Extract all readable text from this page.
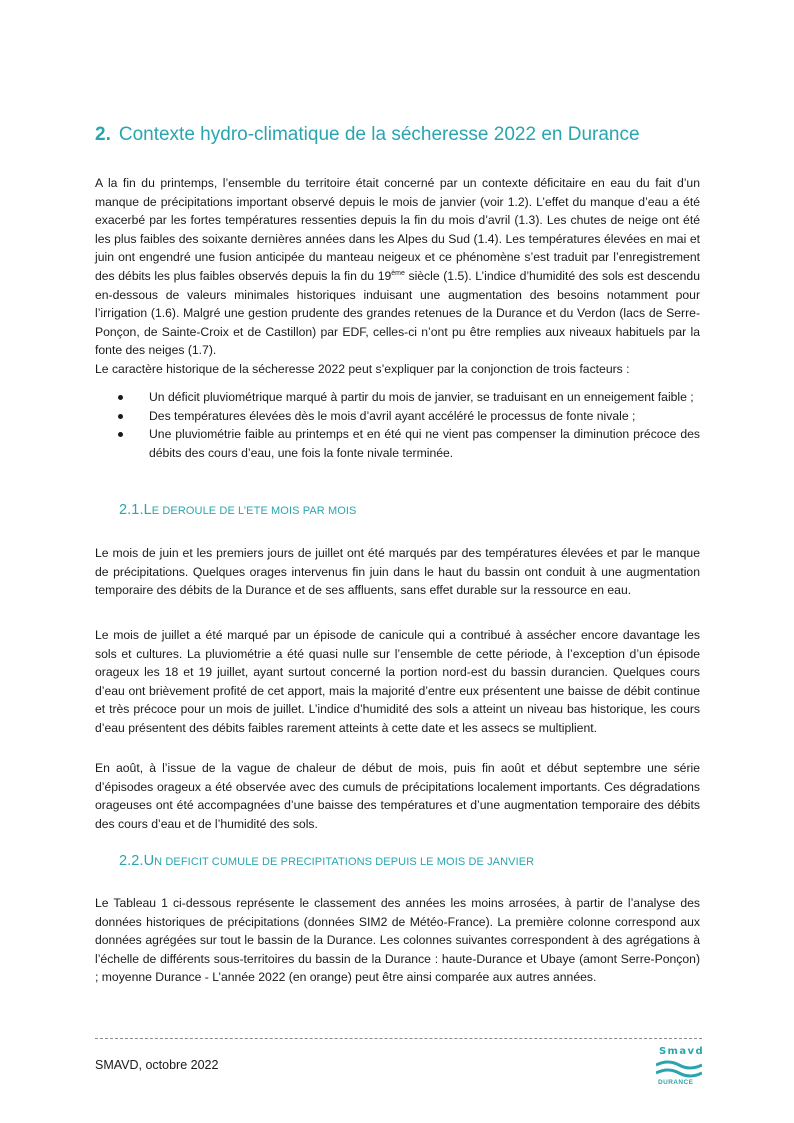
2. Contexte hydro-climatique de la sécheresse 2022 en Durance

A la fin du printemps, l’ensemble du territoire était concerné par un contexte déficitaire en eau du fait d’un manque de précipitations important observé depuis le mois de janvier (voir 1.2). L’effet du manque d’eau a été exacerbé par les fortes températures ressenties depuis la fin du mois d’avril (1.3). Les chutes de neige ont été les plus faibles des soixante dernières années dans les Alpes du Sud (1.4). Les températures élevées en mai et juin ont engendré une fusion anticipée du manteau neigeux et ce phénomène s’est traduit par l’enregistrement des débits les plus faibles observés depuis la fin du 19ème siècle (1.5). L’indice d’humidité des sols est descendu en-dessous de valeurs minimales historiques induisant une augmentation des besoins notamment pour l’irrigation (1.6). Malgré une gestion prudente des grandes retenues de la Durance et du Verdon (lacs de Serre-Ponçon, de Sainte-Croix et de Castillon) par EDF, celles-ci n’ont pu être remplies aux niveaux habituels par la fonte des neiges (1.7).

Le caractère historique de la sécheresse 2022 peut s’expliquer par la conjonction de trois facteurs :

Un déficit pluviométrique marqué à partir du mois de janvier, se traduisant en un enneigement faible ;
Des températures élevées dès le mois d’avril ayant accéléré le processus de fonte nivale ;
Une pluviométrie faible au printemps et en été qui ne vient pas compenser la diminution précoce des débits des cours d’eau, une fois la fonte nivale terminée.
2.1.LE DEROULE DE L’ETE MOIS PAR MOIS

Le mois de juin et les premiers jours de juillet ont été marqués par des températures élevées et par le manque de précipitations. Quelques orages intervenus fin juin dans le haut du bassin ont conduit à une augmentation temporaire des débits de la Durance et de ses affluents, sans effet durable sur la ressource en eau.

Le mois de juillet a été marqué par un épisode de canicule qui a contribué à assécher encore davantage les sols et cultures. La pluviométrie a été quasi nulle sur l’ensemble de cette période, à l’exception d’un épisode orageux les 18 et 19 juillet, ayant surtout concerné la portion nord-est du bassin durancien. Quelques cours d’eau ont brièvement profité de cet apport, mais la majorité d’entre eux présentent une baisse de débit continue et très précoce pour un mois de juillet. L’indice d’humidité des sols a atteint un niveau bas historique, les cours d’eau présentent des débits faibles rarement atteints à cette date et les assecs se multiplient.

En août, à l’issue de la vague de chaleur de début de mois, puis fin août et début septembre une série d’épisodes orageux a été observée avec des cumuls de précipitations localement importants. Ces dégradations orageuses ont été accompagnées d’une baisse des températures et d’une augmentation temporaire des débits des cours d’eau et de l’humidité des sols.

2.2.UN DEFICIT CUMULE DE PRECIPITATIONS DEPUIS LE MOIS DE JANVIER

Le Tableau 1 ci-dessous représente le classement des années les moins arrosées, à partir de l’analyse des données historiques de précipitations (données SIM2 de Météo-France). La première colonne correspond aux données agrégées sur tout le bassin de la Durance. Les colonnes suivantes correspondent à des agrégations à l’échelle de différents sous-territoires du bassin de la Durance : haute-Durance et Ubaye (amont Serre-Ponçon) ; moyenne Durance - L’année 2022 (en orange) peut être ainsi comparée aux autres années.

SMAVD, octobre 2022
Smavd
DURANCE
